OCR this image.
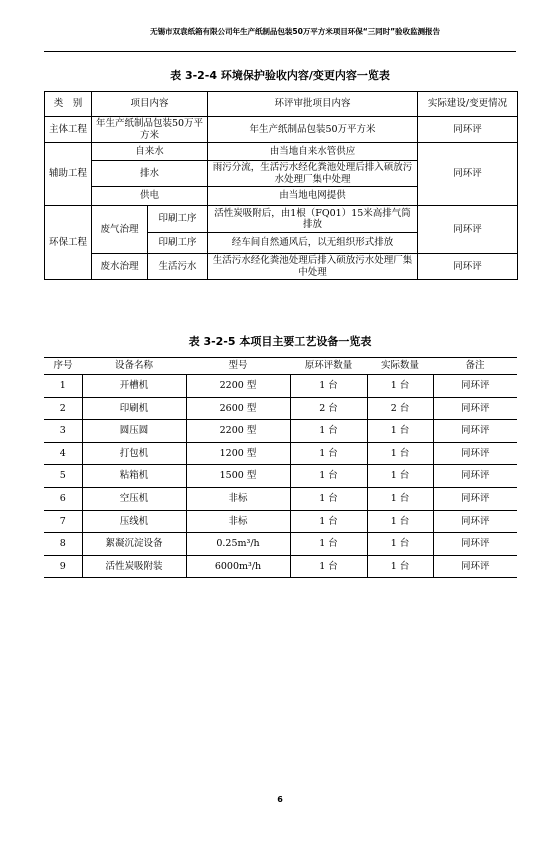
无锡市双袁纸箱有限公司年生产纸制品包装50万平方米项目环保“三同时”验收监测报告
表 3-2-4 环境保护验收内容/变更内容一览表
类　别	项目内容		环评审批项目内容	实际建设/变更情况
主体工程	年生产纸制品包装50万平方米		年生产纸制品包装50万平方米	同环评
辅助工程	自来水		由当地自来水管供应	同环评
	排水		雨污分流，生活污水经化粪池处理后排入硕放污水处理厂集中处理	
	供电		由当地电网提供	
环保工程	废气治理	印刷工序	活性炭吸附后，由1根（FQ01）15米高排气筒排放	同环评
		印刷工序	经车间自然通风后，以无组织形式排放	
	废水治理	生活污水	生活污水经化粪池处理后排入硕放污水处理厂集中处理	同环评
表 3-2-5 本项目主要工艺设备一览表
序号	设备名称	型号	原环评数量	实际数量	备注
1	开槽机	2200 型	1 台	1 台	同环评
2	印刷机	2600 型	2 台	2 台	同环评
3	圆压圆	2200 型	1 台	1 台	同环评
4	打包机	1200 型	1 台	1 台	同环评
5	粘箱机	1500 型	1 台	1 台	同环评
6	空压机	非标	1 台	1 台	同环评
7	压线机	非标	1 台	1 台	同环评
8	絮凝沉淀设备	0.25m³/h	1 台	1 台	同环评
9	活性炭吸附装	6000m³/h	1 台	1 台	同环评
6
